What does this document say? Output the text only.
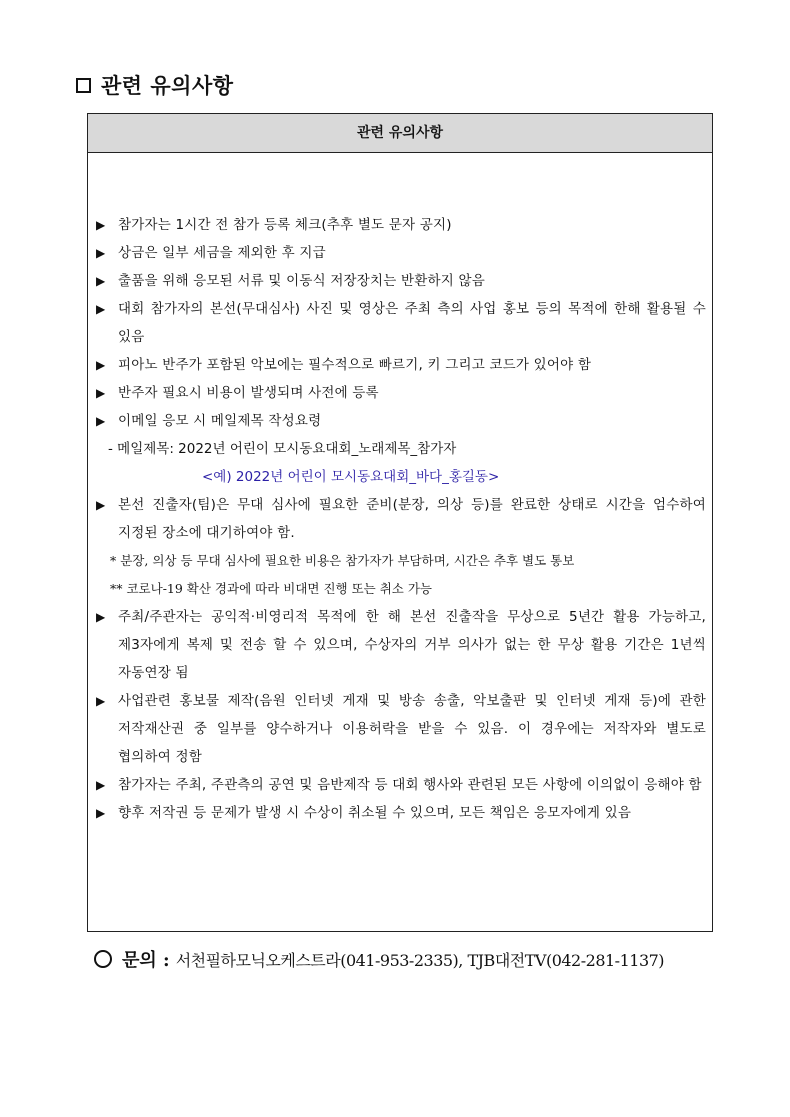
관련 유의사항
관련 유의사항
▶ 참가자는 1시간 전 참가 등록 체크(추후 별도 문자 공지)
▶ 상금은 일부 세금을 제외한 후 지급
▶ 출품을 위해 응모된 서류 및 이동식 저장장치는 반환하지 않음
▶ 대회 참가자의 본선(무대심사) 사진 및 영상은 주최 측의 사업 홍보 등의 목적에 한해 활용될 수 있음
▶ 피아노 반주가 포함된 악보에는 필수적으로 빠르기, 키 그리고 코드가 있어야 함
▶ 반주자 필요시 비용이 발생되며 사전에 등록
▶ 이메일 응모 시 메일제목 작성요령
- 메일제목: 2022년 어린이 모시동요대회_노래제목_참가자
<예) 2022년 어린이 모시동요대회_바다_홍길동>
▶ 본선 진출자(팀)은 무대 심사에 필요한 준비(분장, 의상 등)를 완료한 상태로 시간을 엄수하여 지정된 장소에 대기하여야 함.
* 분장, 의상 등 무대 심사에 필요한 비용은 참가자가 부담하며, 시간은 추후 별도 통보
** 코로나-19 확산 경과에 따라 비대면 진행 또는 취소 가능
▶ 주최/주관자는 공익적·비영리적 목적에 한 해 본선 진출작을 무상으로 5년간 활용 가능하고, 제3자에게 복제 및 전송 할 수 있으며, 수상자의 거부 의사가 없는 한 무상 활용 기간은 1년씩 자동연장 됨
▶ 사업관련 홍보물 제작(음원 인터넷 게재 및 방송 송출, 악보출판 및 인터넷 게재 등)에 관한 저작재산권 중 일부를 양수하거나 이용허락을 받을 수 있음. 이 경우에는 저작자와 별도로 협의하여 정함
▶ 참가자는 주최, 주관측의 공연 및 음반제작 등 대회 행사와 관련된 모든 사항에 이의없이 응해야 함
▶ 향후 저작권 등 문제가 발생 시 수상이 취소될 수 있으며, 모든 책임은 응모자에게 있음
문의 : 서천필하모닉오케스트라(041-953-2335), TJB대전TV(042-281-1137)
